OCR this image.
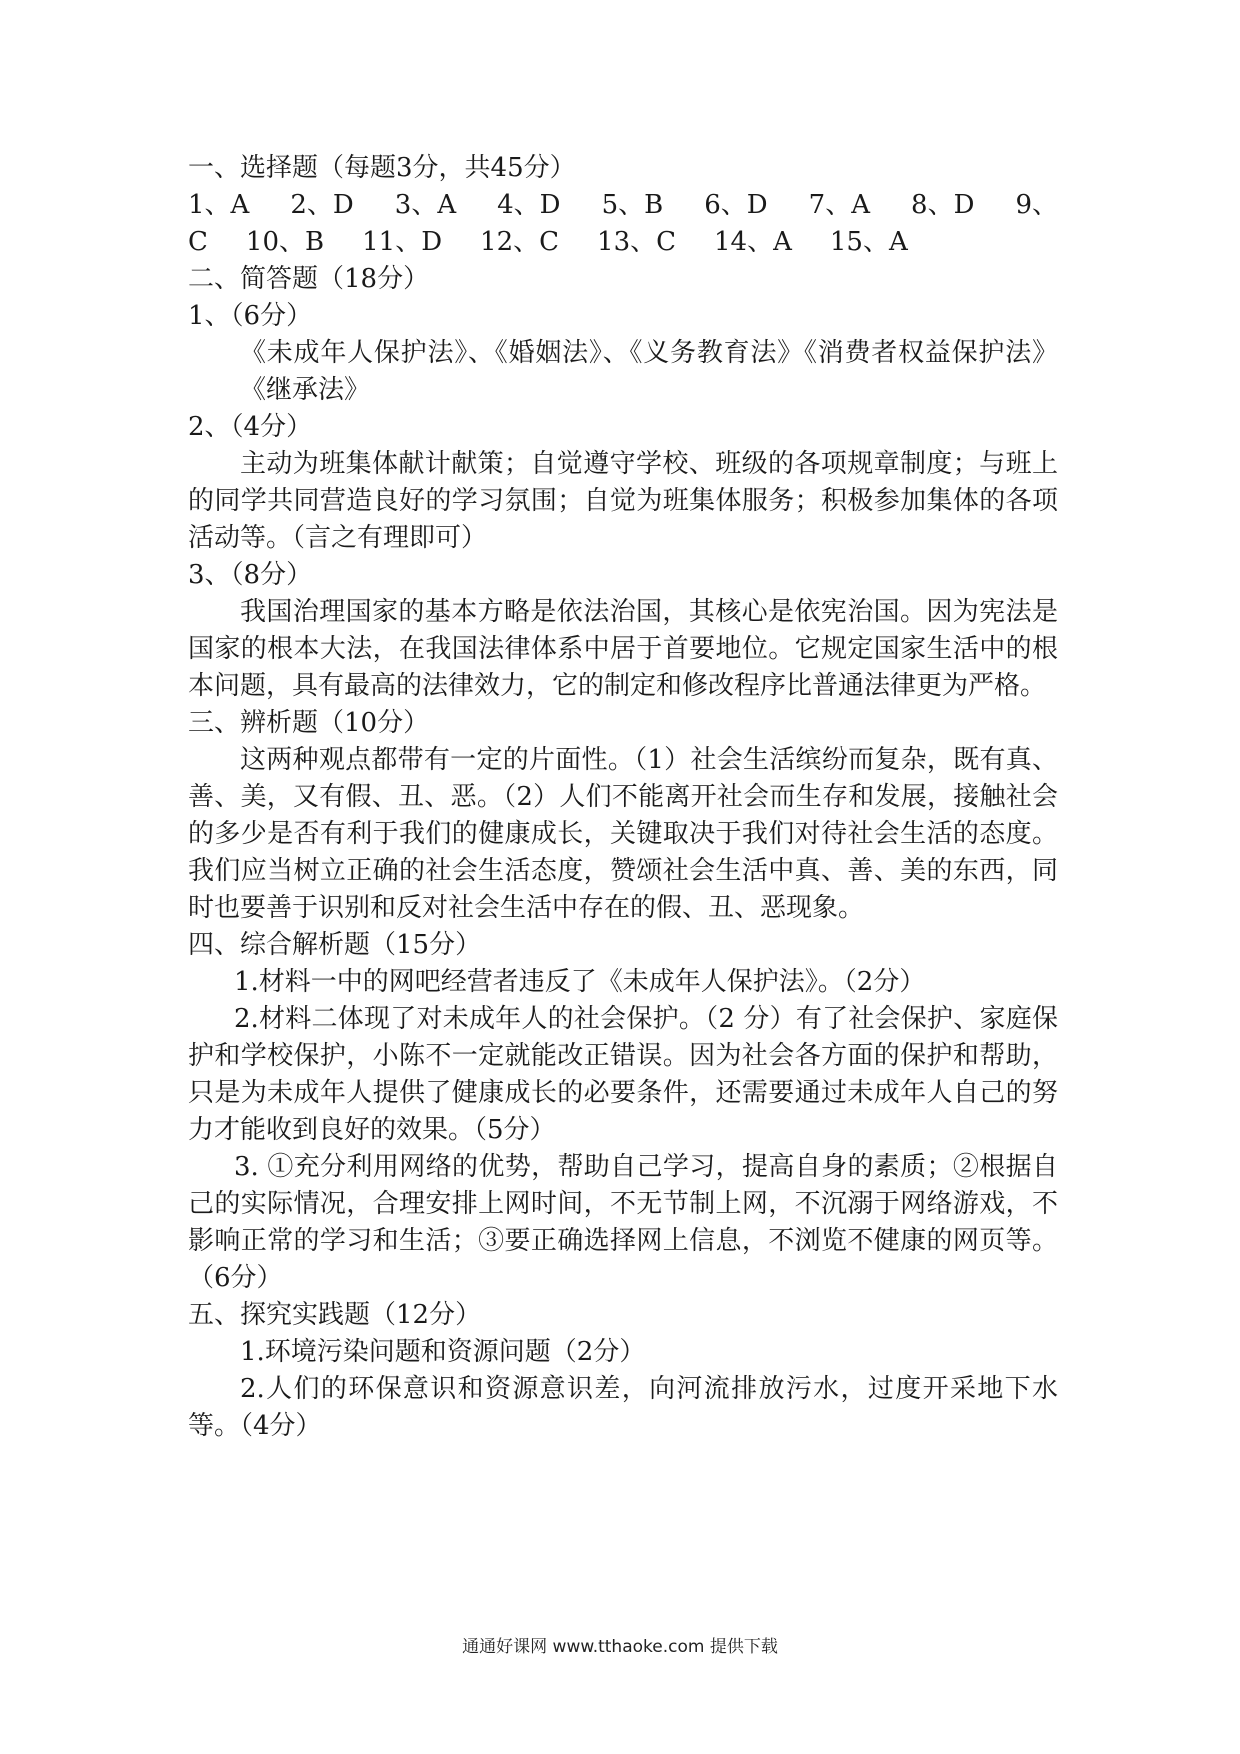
一、选择题（每题3分，共45分）
1、A 2、D 3、A 4、D 5、B 6、D 7、A 8、D 9、
C 10、B 11、D 12、C 13、C 14、A 15、A
二、简答题（18分）
1、（6分）
《未成年人保护法》、《婚姻法》、《义务教育法》《消费者权益保护法》《继承法》
2、（4分）
主动为班集体献计献策；自觉遵守学校、班级的各项规章制度；与班上的同学共同营造良好的学习氛围；自觉为班集体服务；积极参加集体的各项活动等。（言之有理即可）
3、（8分）
我国治理国家的基本方略是依法治国，其核心是依宪治国。因为宪法是国家的根本大法，在我国法律体系中居于首要地位。它规定国家生活中的根本问题，具有最高的法律效力，它的制定和修改程序比普通法律更为严格。
三、辨析题（10分）
这两种观点都带有一定的片面性。（1）社会生活缤纷而复杂，既有真、善、美，又有假、丑、恶。（2）人们不能离开社会而生存和发展，接触社会的多少是否有利于我们的健康成长，关键取决于我们对待社会生活的态度。我们应当树立正确的社会生活态度，赞颂社会生活中真、善、美的东西，同时也要善于识别和反对社会生活中存在的假、丑、恶现象。
四、综合解析题（15分）
1.材料一中的网吧经营者违反了《未成年人保护法》。（2分）
2.材料二体现了对未成年人的社会保护。（2 分）有了社会保护、家庭保护和学校保护，小陈不一定就能改正错误。因为社会各方面的保护和帮助，只是为未成年人提供了健康成长的必要条件，还需要通过未成年人自己的努力才能收到良好的效果。（5分）
3. ①充分利用网络的优势，帮助自己学习，提高自身的素质；②根据自己的实际情况，合理安排上网时间，不无节制上网，不沉溺于网络游戏，不影响正常的学习和生活；③要正确选择网上信息，不浏览不健康的网页等。（6分）
五、探究实践题（12分）
1.环境污染问题和资源问题（2分）
2.人们的环保意识和资源意识差，向河流排放污水，过度开采地下水等。（4分）
通通好课网 www.tthaoke.com 提供下载
